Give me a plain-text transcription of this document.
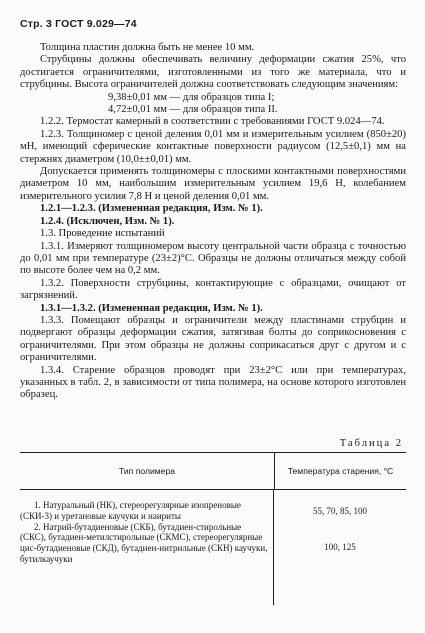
Стр. 3 ГОСТ 9.029—74

Толщина пластин должна быть не менее 10 мм.

Струбцины должны обеспечивать величину деформации сжатия 25%, что достигается ограничителями, изготовленными из того же материала, что и струбцины. Высота ограничителей должна соответствовать следующим значениям:

9,38±0,01 мм — для образцов типа I;

4,72±0,01 мм — для образцов типа II.

1.2.2. Термостат камерный в соответствии с требованиями ГОСТ 9.024—74.

1.2.3. Толщиномер с ценой деления 0,01 мм и измерительным усилием (850±20) мН, имеющий сферические контактные поверхности радиусом (12,5±0,1) мм на стержнях диаметром (10,0±±0,01) мм.

Допускается применять толщиномеры с плоскими контактными поверхностями диаметром 10 мм, наибольшим измерительным усилием 19,6 Н, колебанием измерительного усилия 7,8 Н и ценой деления 0,01 мм.

1.2.1—1.2.3. (Измененная редакция, Изм. № 1).

1.2.4. (Исключен, Изм. № 1).

1.3. Проведение испытаний

1.3.1. Измеряют толщиномером высоту центральной части образца с точностью до 0,01 мм при температуре (23±2)°С. Образцы не должны отличаться между собой по высоте более чем на 0,2 мм.

1.3.2. Поверхности струбцины, контактирующие с образцами, очищают от загрязнений.

1.3.1—1.3.2. (Измененная редакция, Изм. № 1).

1.3.3. Помещают образцы и ограничители между пластинами струбцин и подвергают образцы деформации сжатия, затягивая болты до соприкосновения с ограничителями. При этом образцы не должны соприкасаться друг с другом и с ограничителями.

1.3.4. Старение образцов проводят при 23±2°С или при температурах, указанных в табл. 2, в зависимости от типа полимера, на основе которого изготовлен образец.

Таблица 2
Тип полимера	Температура старения, °С
1. Натуральный (НК), стереорегулярные изопреновые (СКИ-3) и уретановые каучуки и наириты	55, 70, 85, 100
2. Натрий-бутадиеновые (СКБ), бутадиен-стирольные (СКС), бутадиен-метилстирольные (СКМС), стереорегулярные цис-бутадиеновые (СКД), бутадиен-нитрильные (СКН) каучуки, бутилкаучуки
100, 125
